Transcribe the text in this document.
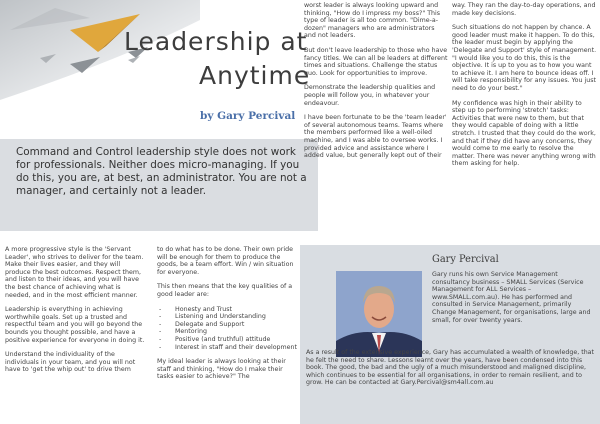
Leadership at
Anytime
by Gary Percival
Command and Control leadership style does not work for professionals. Neither does micro-managing. If you do this, you are, at best, an administrator. You are not a manager, and certainly not a leader.

A more progressive style is the 'Servant Leader', who strives to deliver for the team. Make their lives easier, and they will produce the best outcomes. Respect them, and listen to their ideas, and you will have the best chance of achieving what is needed, and in the most efficient manner.

Leadership is everything in achieving worthwhile goals. Set up a trusted and respectful team and you will go beyond the bounds you thought possible, and have a positive experience for everyone in doing it.

Understand the individuality of the individuals in your team, and you will not have to 'get the whip out' to drive them

to do what has to be done. Their own pride will be enough for them to produce the goods, be a team effort. Win / win situation for everyone.

This then means that the key qualities of a good leader are:

- Honesty and Trust
- Listening and Understanding
- Delegate and Support
- Mentoring
- Positive (and truthful) attitude
- Interest in staff and their development

My ideal leader is always looking at their staff and thinking, "How do I make their tasks easier to achieve?" The

worst leader is always looking upward and thinking, "How do I impress my boss?" This type of leader is all too common. "Dime-a-dozen" managers who are administrators and not leaders.

But don't leave leadership to those who have fancy titles. We can all be leaders at different times and situations. Challenge the status quo. Look for opportunities to improve.

Demonstrate the leadership qualities and people will follow you, in whatever your endeavour.

I have been fortunate to be the 'team leader' of several autonomous teams. Teams where the members performed like a well-oiled machine, and I was able to oversee works. I provided advice and assistance where I added value, but generally kept out of their

way. They ran the day-to-day operations, and made key decisions.

Such situations do not happen by chance. A good leader must make it happen. To do this, the leader must begin by applying the 'Delegate and Support' style of management. "I would like you to do this, this is the objective. It is up to you as to how you want to achieve it. I am here to bounce ideas off. I will take responsibility for any issues. You just need to do your best."

My confidence was high in their ability to step up to performing 'stretch' tasks: Activities that were new to them, but that they would capable of doing with a little stretch. I trusted that they could do the work, and that if they did have any concerns, they would come to me early to resolve the matter. There was never anything wrong with them asking for help.

Gary Percival
Gary runs his own Service Management consultancy business – SMALL Services (Service Management for ALL Services – www.SMALL.com.au). He has performed and consulted in Service Management, primarily Change Management, for organisations, large and small, for over twenty years.
As a result of the extensive experience, Gary has accumulated a wealth of knowledge, that he felt the need to share. Lessons learnt over the years, have been condensed into this book. The good, the bad and the ugly of a much misunderstood and maligned discipline, which continues to be essential for all organisations, in order to remain resilient, and to grow. He can be contacted at Gary.Percival@sm4all.com.au
